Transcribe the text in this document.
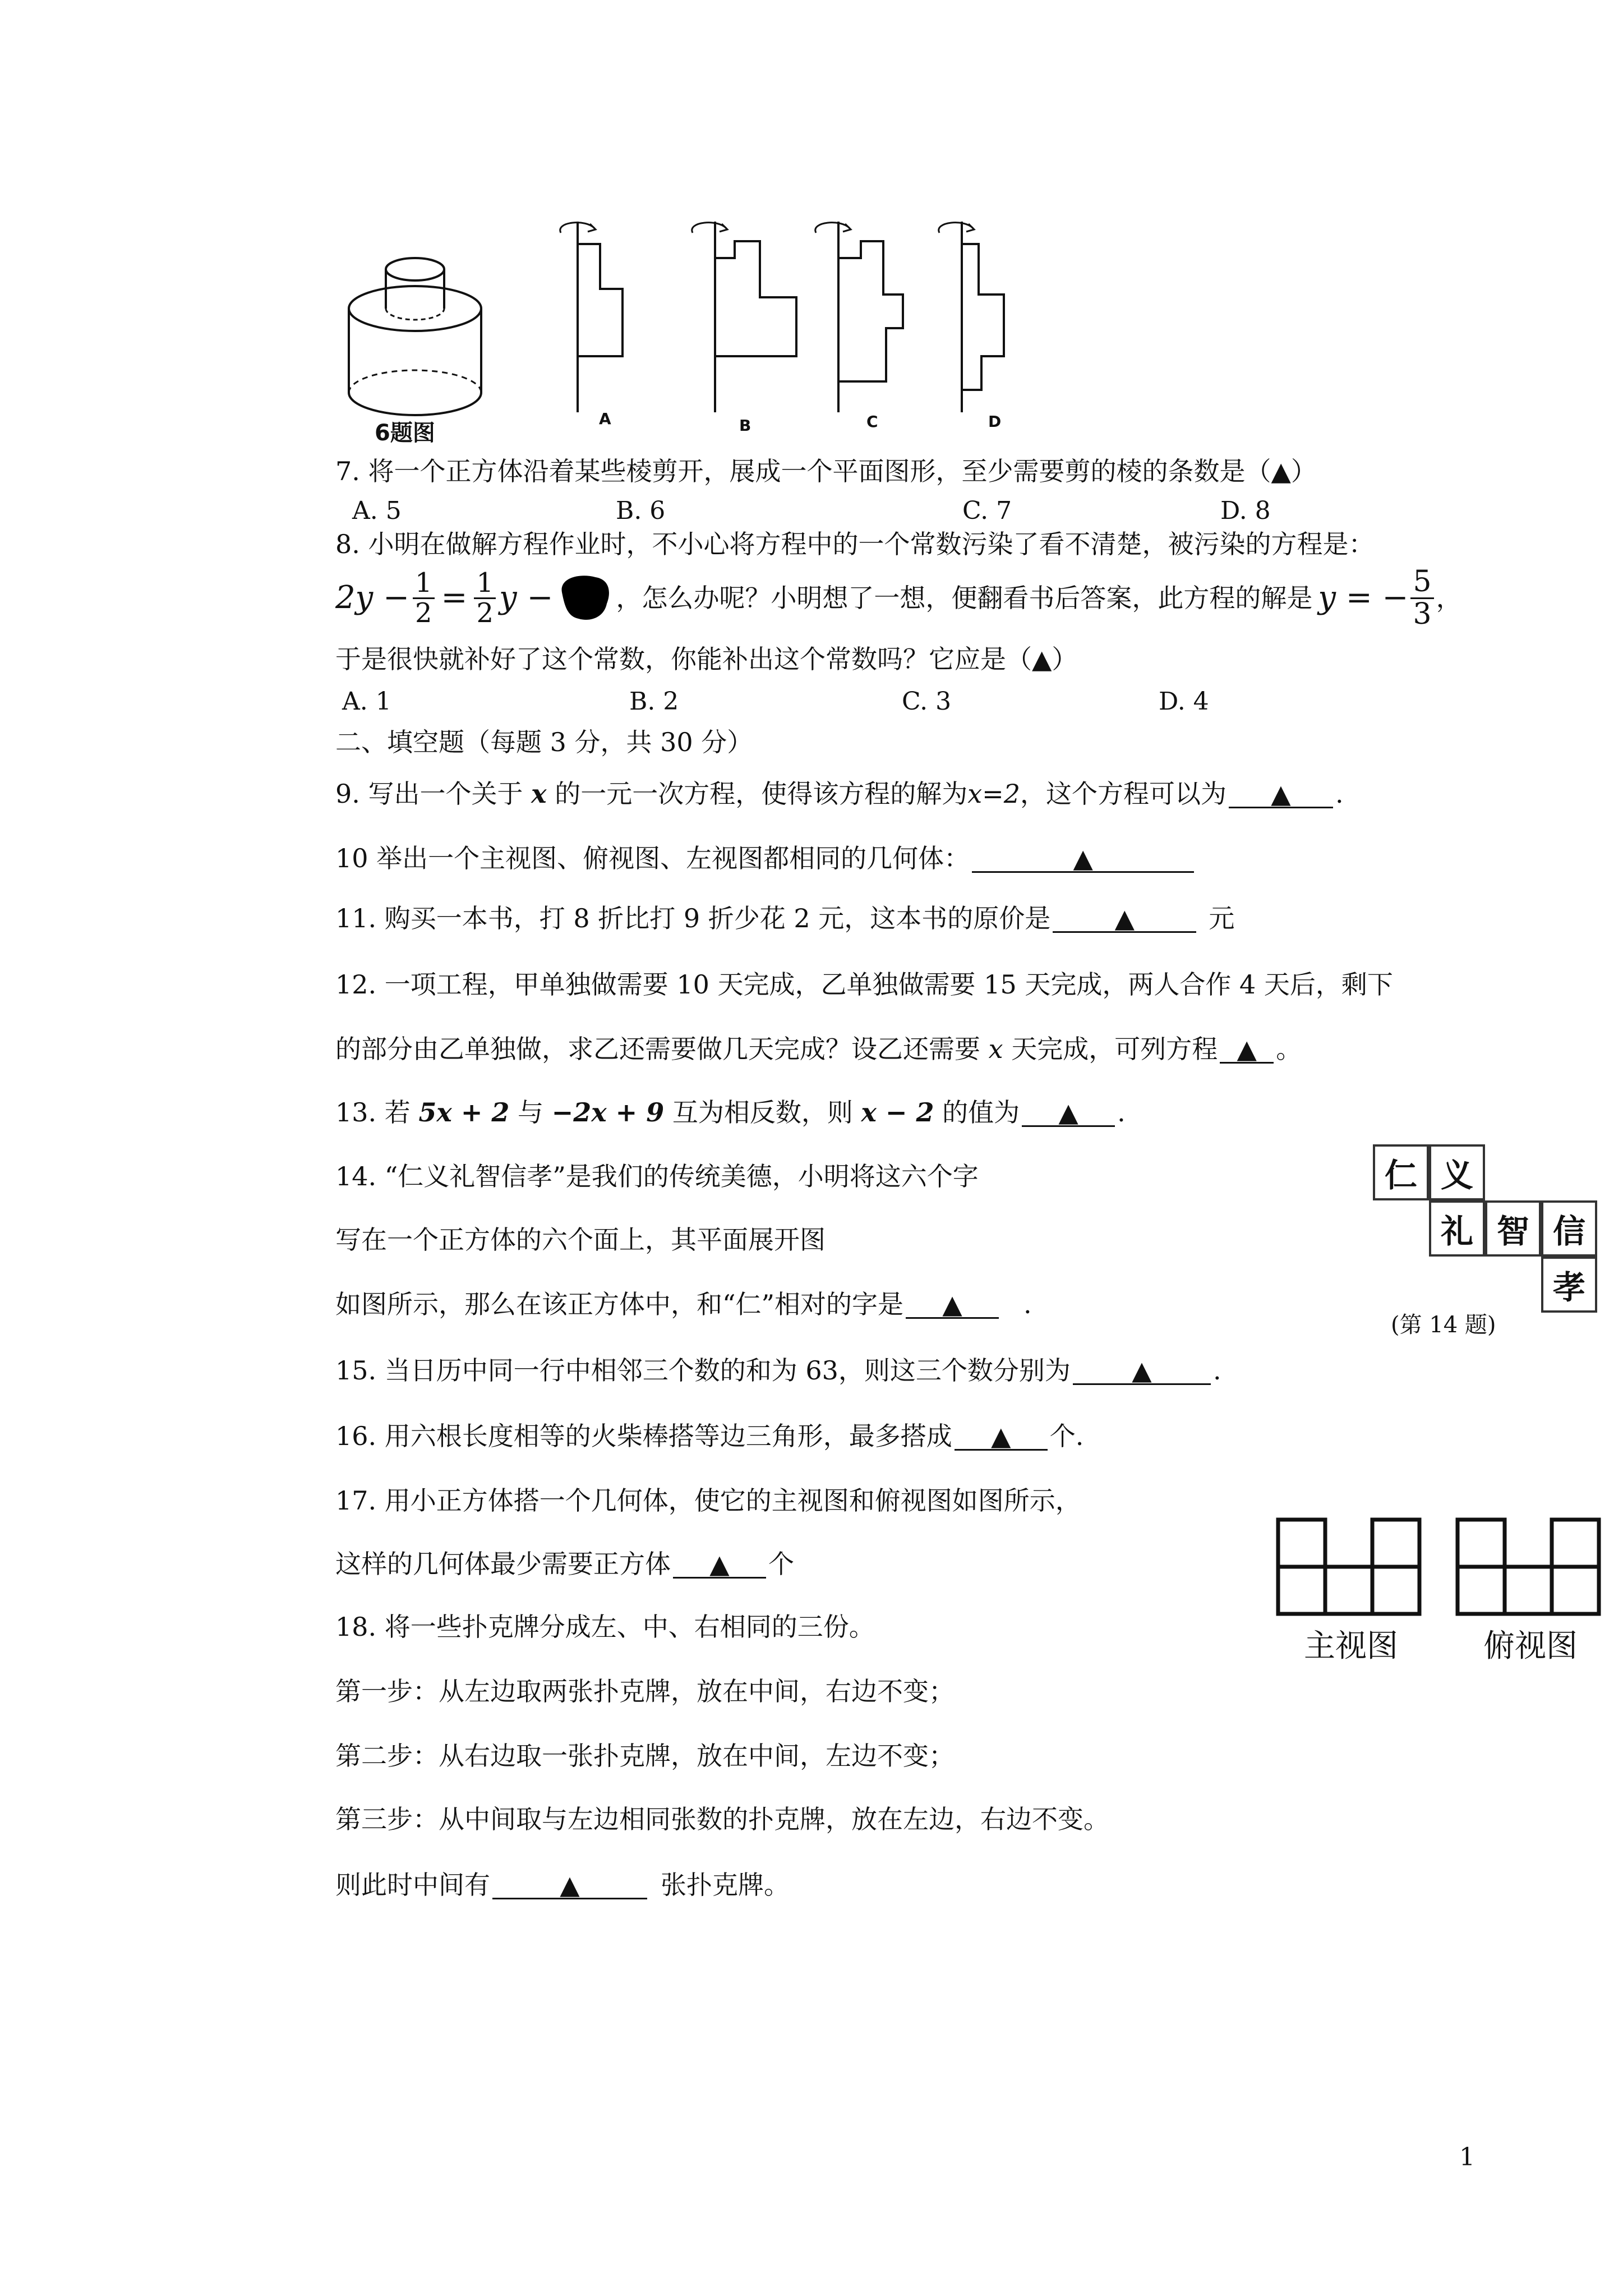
6题图
A	B	C	D
7. 将一个正方体沿着某些棱剪开，展成一个平面图形，至少需要剪的棱的条数是（▲）
A. 5	B. 6	C. 7	D. 8
8. 小明在做解方程作业时，不小心将方程中的一个常数污染了看不清楚，被污染的方程是：
$2y - \frac{1}{2} = \frac{1}{2}$ y − ，怎么办呢？小明想了一想，便翻看书后答案，此方程的解是 y = − $\frac{5}{3}$ ，
于是很快就补好了这个常数，你能补出这个常数吗？它应是（▲）
A. 1	B. 2	C. 3	D. 4
二、填空题（每题 3 分，共 30 分）
9. 写出一个关于 x 的一元一次方程，使得该方程的解为x=2，这个方程可以为 ▲ .
10 举出一个主视图、俯视图、左视图都相同的几何体：	▲
11. 购买一本书，打 8 折比打 9 折少花 2 元，这本书的原价是 ▲	元
12. 一项工程，甲单独做需要 10 天完成，乙单独做需要 15 天完成，两人合作 4 天后，剩下
的部分由乙单独做，求乙还需要做几天完成？设乙还需要 x 天完成，可列方程 ▲ 。
13. 若 5x + 2 与 −2x + 9 互为相反数，则 x − 2 的值为 ▲ .
14. “仁义礼智信孝”是我们的传统美德，小明将这六个字
写在一个正方体的六个面上，其平面展开图
如图所示，那么在该正方体中，和“仁”相对的字是 ▲ .
仁 义
礼 智 信
孝
(第 14 题)
15. 当日历中同一行中相邻三个数的和为 63，则这三个数分别为 ▲ .
16. 用六根长度相等的火柴棒搭等边三角形，最多搭成 ▲ 个.
17. 用小正方体搭一个几何体，使它的主视图和俯视图如图所示，
这样的几何体最少需要正方体 ▲ 个
主视图	俯视图
18. 将一些扑克牌分成左、中、右相同的三份。
第一步：从左边取两张扑克牌，放在中间，右边不变；
第二步：从右边取一张扑克牌，放在中间，左边不变；
第三步：从中间取与左边相同张数的扑克牌，放在左边，右边不变。
则此时中间有	▲	张扑克牌。
1
